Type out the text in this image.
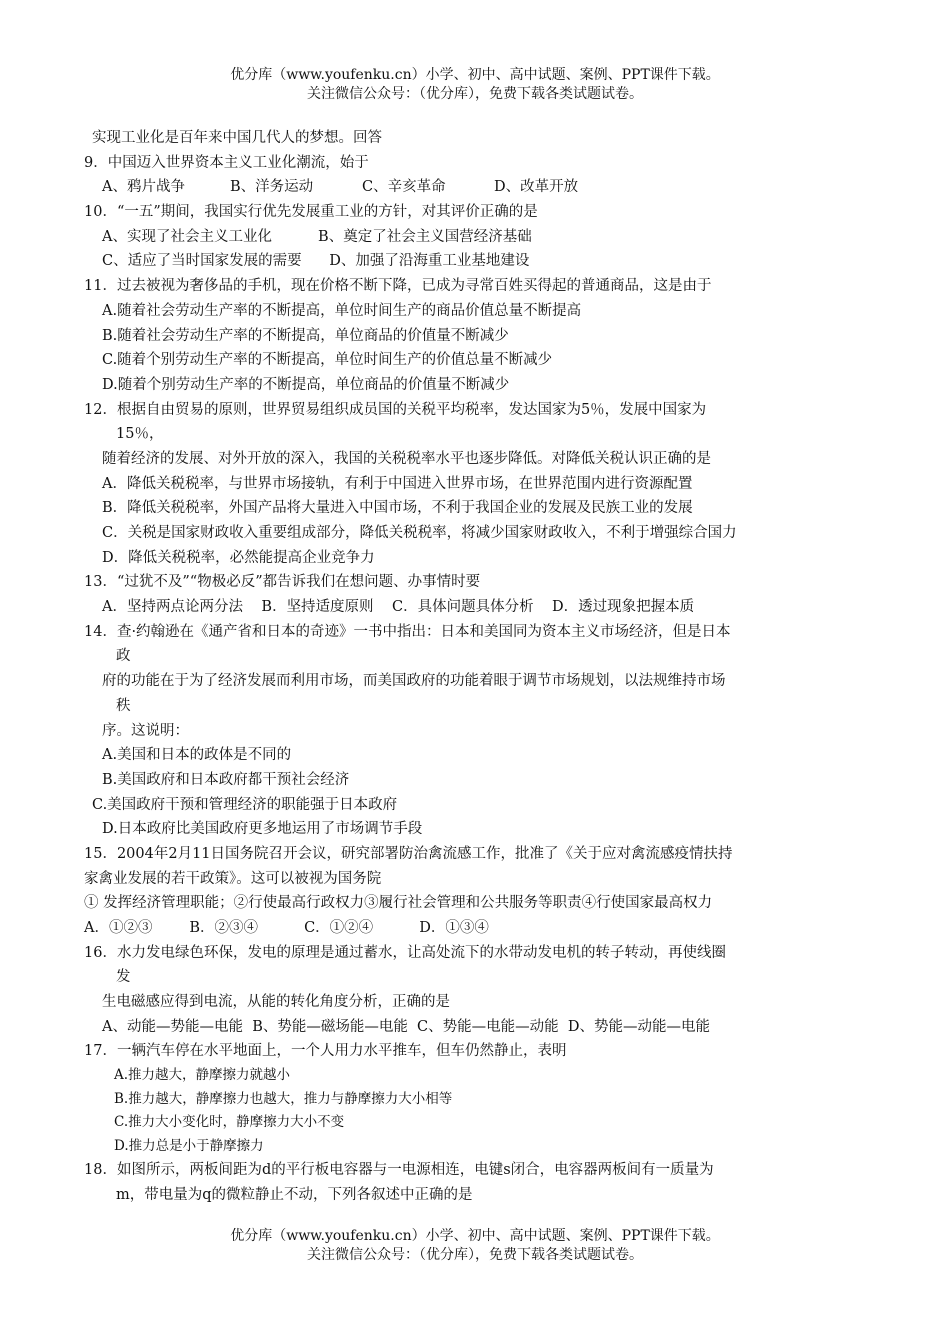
优分库（www.youfenku.cn）小学、初中、高中试题、案例、PPT课件下载。
关注微信公众号：（优分库），免费下载各类试题试卷。
实现工业化是百年来中国几代人的梦想。回答
9．中国迈入世界资本主义工业化潮流，始于
A、鸦片战争	B、洋务运动	C、辛亥革命	D、改革开放
10．“一五”期间，我国实行优先发展重工业的方针，对其评价正确的是
A、实现了社会主义工业化          B、奠定了社会主义国营经济基础
C、适应了当时国家发展的需要      D、加强了沿海重工业基地建设
11．过去被视为奢侈品的手机，现在价格不断下降，已成为寻常百姓买得起的普通商品，这是由于
A.随着社会劳动生产率的不断提高，单位时间生产的商品价值总量不断提高
B.随着社会劳动生产率的不断提高，单位商品的价值量不断减少
C.随着个别劳动生产率的不断提高，单位时间生产的价值总量不断减少
D.随着个别劳动生产率的不断提高，单位商品的价值量不断减少
12．根据自由贸易的原则，世界贸易组织成员国的关税平均税率，发达国家为5％，发展中国家为
15％，
随着经济的发展、对外开放的深入，我国的关税税率水平也逐步降低。对降低关税认识正确的是
A．降低关税税率，与世界市场接轨，有利于中国进入世界市场，在世界范围内进行资源配置
B．降低关税税率，外国产品将大量进入中国市场，不利于我国企业的发展及民族工业的发展
C．关税是国家财政收入重要组成部分，降低关税税率，将减少国家财政收入，不利于增强综合国力
D．降低关税税率，必然能提高企业竞争力
13．“过犹不及”“物极必反”都告诉我们在想问题、办事情时要
A．坚持两点论两分法    B．坚持适度原则    C．具体问题具体分析    D．透过现象把握本质
14．查·约翰逊在《通产省和日本的奇迹》一书中指出：日本和美国同为资本主义市场经济，但是日本
政
府的功能在于为了经济发展而利用市场，而美国政府的功能着眼于调节市场规划，以法规维持市场
秩
序。这说明：
A.美国和日本的政体是不同的
B.美国政府和日本政府都干预社会经济
C.美国政府干预和管理经济的职能强于日本政府
D.日本政府比美国政府更多地运用了市场调节手段
15．2004年2月11日国务院召开会议，研究部署防治禽流感工作，批准了《关于应对禽流感疫情扶持
家禽业发展的若干政策》。这可以被视为国务院
① 发挥经济管理职能；②行使最高行政权力③履行社会管理和公共服务等职责④行使国家最高权力
A．①②③        B．②③④          C．①②④          D．①③④
16．水力发电绿色环保，发电的原理是通过蓄水，让高处流下的水带动发电机的转子转动，再使线圈
发
生电磁感应得到电流，从能的转化角度分析，正确的是
A、动能—势能—电能  B、势能—磁场能—电能  C、势能—电能—动能  D、势能—动能—电能
17．一辆汽车停在水平地面上，一个人用力水平推车，但车仍然静止，表明
A.推力越大，静摩擦力就越小
B.推力越大，静摩擦力也越大，推力与静摩擦力大小相等
C.推力大小变化时，静摩擦力大小不变
D.推力总是小于静摩擦力
18．如图所示，两板间距为d的平行板电容器与一电源相连，电键s闭合，电容器两板间有一质量为
m，带电量为q的微粒静止不动，下列各叙述中正确的是
优分库（www.youfenku.cn）小学、初中、高中试题、案例、PPT课件下载。
关注微信公众号：（优分库），免费下载各类试题试卷。
